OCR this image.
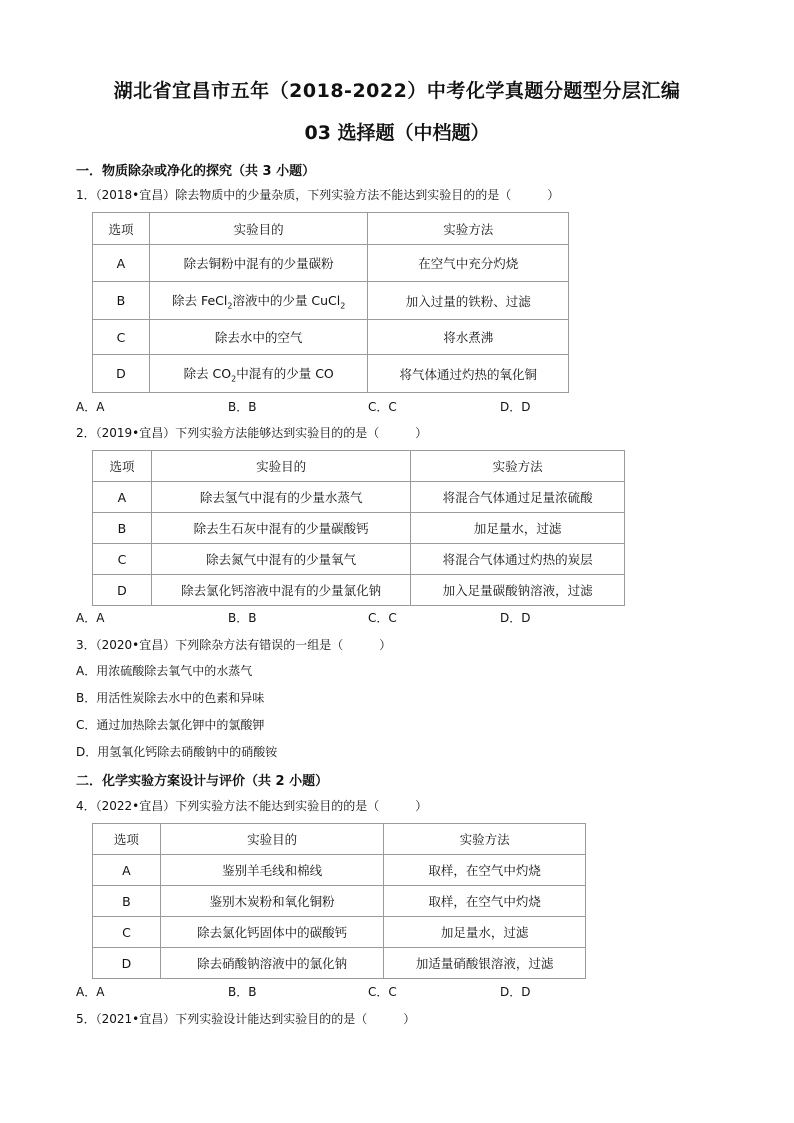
湖北省宜昌市五年（2018-2022）中考化学真题分题型分层汇编
03 选择题（中档题）
一．物质除杂或净化的探究（共 3 小题）
1．（2018•宜昌）除去物质中的少量杂质，下列实验方法不能达到实验目的的是（	）
选项	实验目的	实验方法
A	除去铜粉中混有的少量碳粉	在空气中充分灼烧
B	除去 FeCl$_2$溶液中的少量 CuCl$_2$	加入过量的铁粉、过滤
C	除去水中的空气	将水煮沸
D	除去 $CO_2$中混有的少量 CO	将气体通过灼热的氧化铜
A．A	B．B	C．C	D．D
2．（2019•宜昌）下列实验方法能够达到实验目的的是（	）
选项	实验目的	实验方法
A	除去氢气中混有的少量水蒸气	将混合气体通过足量浓硫酸
B	除去生石灰中混有的少量碳酸钙	加足量水，过滤
C	除去氮气中混有的少量氧气	将混合气体通过灼热的炭层
D	除去氯化钙溶液中混有的少量氯化钠	加入足量碳酸钠溶液，过滤
A．A	B．B	C．C	D．D
3．（2020•宜昌）下列除杂方法有错误的一组是（	）
A．用浓硫酸除去氧气中的水蒸气
B．用活性炭除去水中的色素和异味
C．通过加热除去氯化钾中的氯酸钾
D．用氢氧化钙除去硝酸钠中的硝酸铵
二．化学实验方案设计与评价（共 2 小题）
4．（2022•宜昌）下列实验方法不能达到实验目的的是（	）
选项	实验目的	实验方法
A	鉴别羊毛线和棉线	取样，在空气中灼烧
B	鉴别木炭粉和氧化铜粉	取样，在空气中灼烧
C	除去氯化钙固体中的碳酸钙	加足量水，过滤
D	除去硝酸钠溶液中的氯化钠	加适量硝酸银溶液，过滤
A．A	B．B	C．C	D．D
5．（2021•宜昌）下列实验设计能达到实验目的的是（	）
